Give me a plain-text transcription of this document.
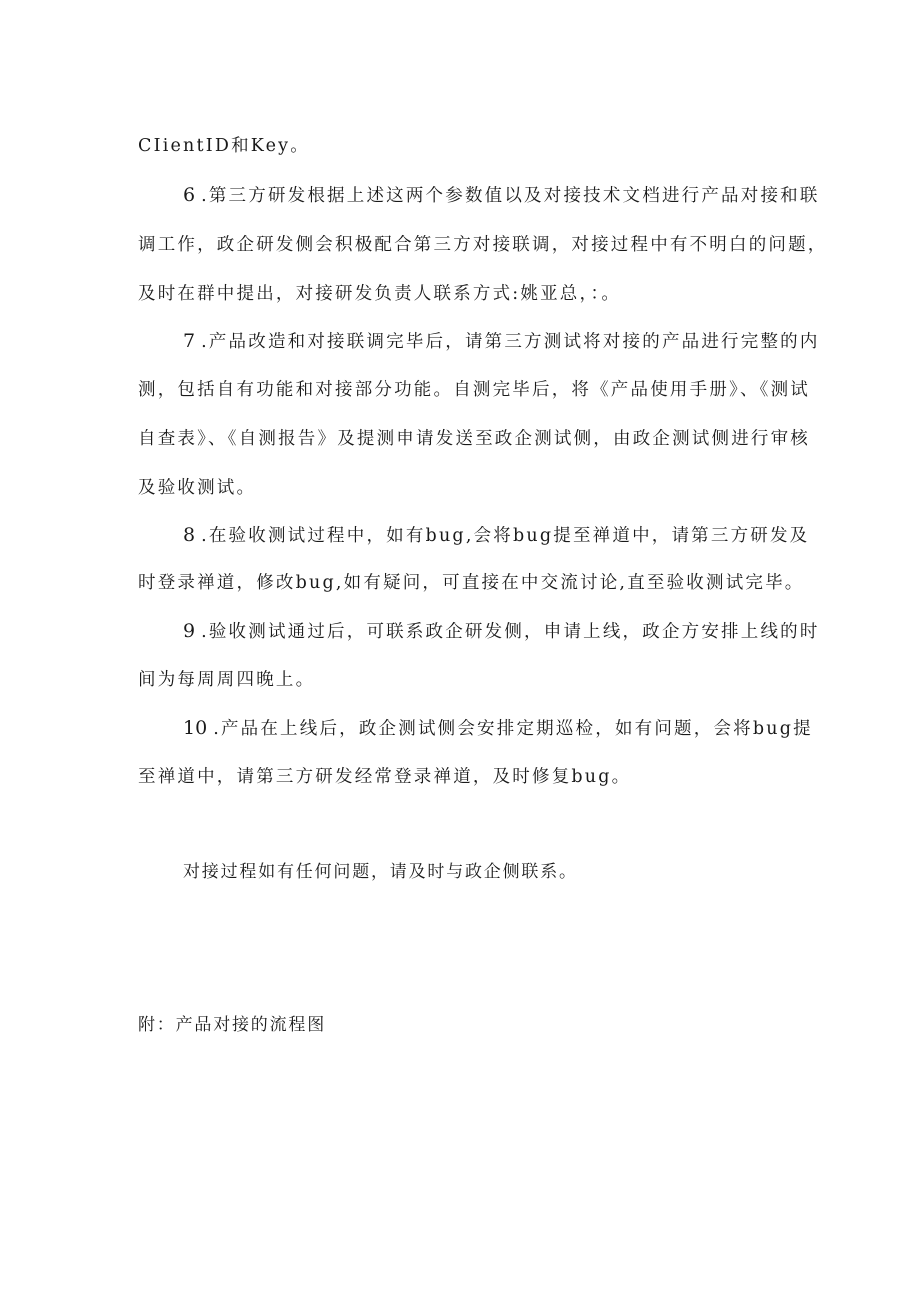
CIientID和Key。
6 .第三方研发根据上述这两个参数值以及对接技术文档进行产品对接和联
调工作，政企研发侧会积极配合第三方对接联调，对接过程中有不明白的问题，
及时在群中提出，对接研发负责人联系方式:姚亚总，：。
7 .产品改造和对接联调完毕后，请第三方测试将对接的产品进行完整的内
测，包括自有功能和对接部分功能。自测完毕后，将《产品使用手册》、《测试
自查表》、《自测报告》及提测申请发送至政企测试侧，由政企测试侧进行审核
及验收测试。
8 .在验收测试过程中，如有bug,会将bug提至禅道中，请第三方研发及
时登录禅道，修改bug,如有疑问，可直接在中交流讨论,直至验收测试完毕。
9 .验收测试通过后，可联系政企研发侧，申请上线，政企方安排上线的时
间为每周周四晚上。
10 .产品在上线后，政企测试侧会安排定期巡检，如有问题，会将bug提
至禅道中，请第三方研发经常登录禅道，及时修复bug。
对接过程如有任何问题，请及时与政企侧联系。
附：产品对接的流程图
